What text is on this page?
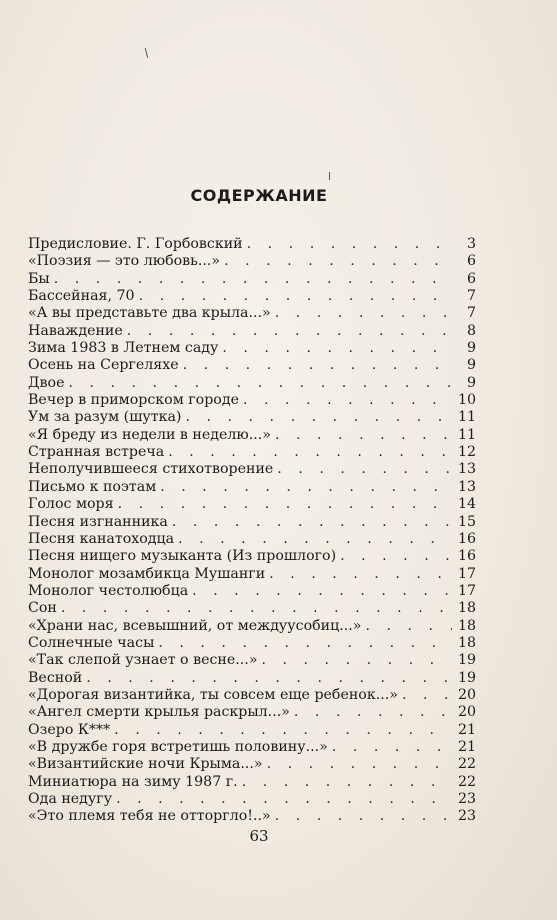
СОДЕРЖАНИЕ
Предисловие. Г. Горбовский . . .	3
«Поэзия — это любовь...» . . .	6
Бы . . .	6
Бассейная, 70 . . .	7
«А вы представьте два крыла...» . . .	7
Наваждение . . .	8
Зима 1983 в Летнем саду . . .	9
Осень на Сергеляхе . . .	9
Двое . . .	9
Вечер в приморском городе . . .	10
Ум за разум (шутка) . . .	11
«Я бреду из недели в неделю...» . . .	11
Странная встреча . . .	12
Неполучившееся стихотворение . . .	13
Письмо к поэтам . . .	13
Голос моря . . .	14
Песня изгнанника . . .	15
Песня канатоходца . . .	16
Песня нищего музыканта (Из прошлого) . . .	16
Монолог мозамбикца Мушанги . . .	17
Монолог честолюбца . . .	17
Сон . . .	18
«Храни нас, всевышний, от междуусобиц...» . . .	18
Солнечные часы . . .	18
«Так слепой узнает о весне...» . . .	19
Весной . . .	19
«Дорогая византийка, ты совсем еще ребенок...» . . .	20
«Ангел смерти крылья раскрыл...» . . .	20
Озеро К*** . . .	21
«В дружбе горя встретишь половину...» . . .	21
«Византийские ночи Крыма...» . . .	22
Миниатюра на зиму 1987 г. . . .	22
Ода недугу . . .	23
«Это племя тебя не отторгло!..» . . .	23
63
